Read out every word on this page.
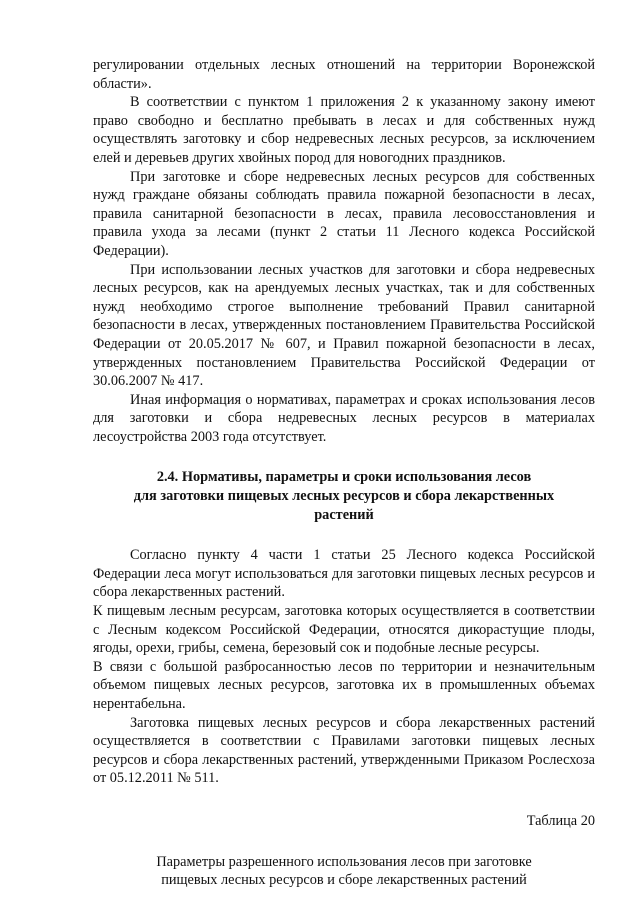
регулировании отдельных лесных отношений на территории Воронежской области».

В соответствии с пунктом 1 приложения 2 к указанному закону имеют право свободно и бесплатно пребывать в лесах и для собственных нужд осуществлять заготовку и сбор недревесных лесных ресурсов, за исключением елей и деревьев других хвойных пород для новогодних праздников.

При заготовке и сборе недревесных лесных ресурсов для собственных нужд граждане обязаны соблюдать правила пожарной безопасности в лесах, правила санитарной безопасности в лесах, правила лесовосстановления и правила ухода за лесами (пункт 2 статьи 11 Лесного кодекса Российской Федерации).

При использовании лесных участков для заготовки и сбора недревесных лесных ресурсов, как на арендуемых лесных участках, так и для собственных нужд необходимо строгое выполнение требований Правил санитарной безопасности в лесах, утвержденных постановлением Правительства Российской Федерации от 20.05.2017 № 607, и Правил пожарной безопасности в лесах, утвержденных постановлением Правительства Российской Федерации от 30.06.2007 № 417.

Иная информация о нормативах, параметрах и сроках использования лесов для заготовки и сбора недревесных лесных ресурсов в материалах лесоустройства 2003 года отсутствует.

2.4. Нормативы, параметры и сроки использования лесов
для заготовки пищевых лесных ресурсов и сбора лекарственных
растений

Согласно пункту 4 части 1 статьи 25 Лесного кодекса Российской Федерации леса могут использоваться для заготовки пищевых лесных ресурсов и сбора лекарственных растений.

К пищевым лесным ресурсам, заготовка которых осуществляется в соответствии с Лесным кодексом Российской Федерации, относятся дикорастущие плоды, ягоды, орехи, грибы, семена, березовый сок и подобные лесные ресурсы.

В связи с большой разбросанностью лесов по территории и незначительным объемом пищевых лесных ресурсов, заготовка их в промышленных объемах нерентабельна.

Заготовка пищевых лесных ресурсов и сбора лекарственных растений осуществляется в соответствии с Правилами заготовки пищевых лесных ресурсов и сбора лекарственных растений, утвержденными Приказом Рослесхоза от 05.12.2011 № 511.

Таблица 20

Параметры разрешенного использования лесов при заготовке
пищевых лесных ресурсов и сборе лекарственных растений
